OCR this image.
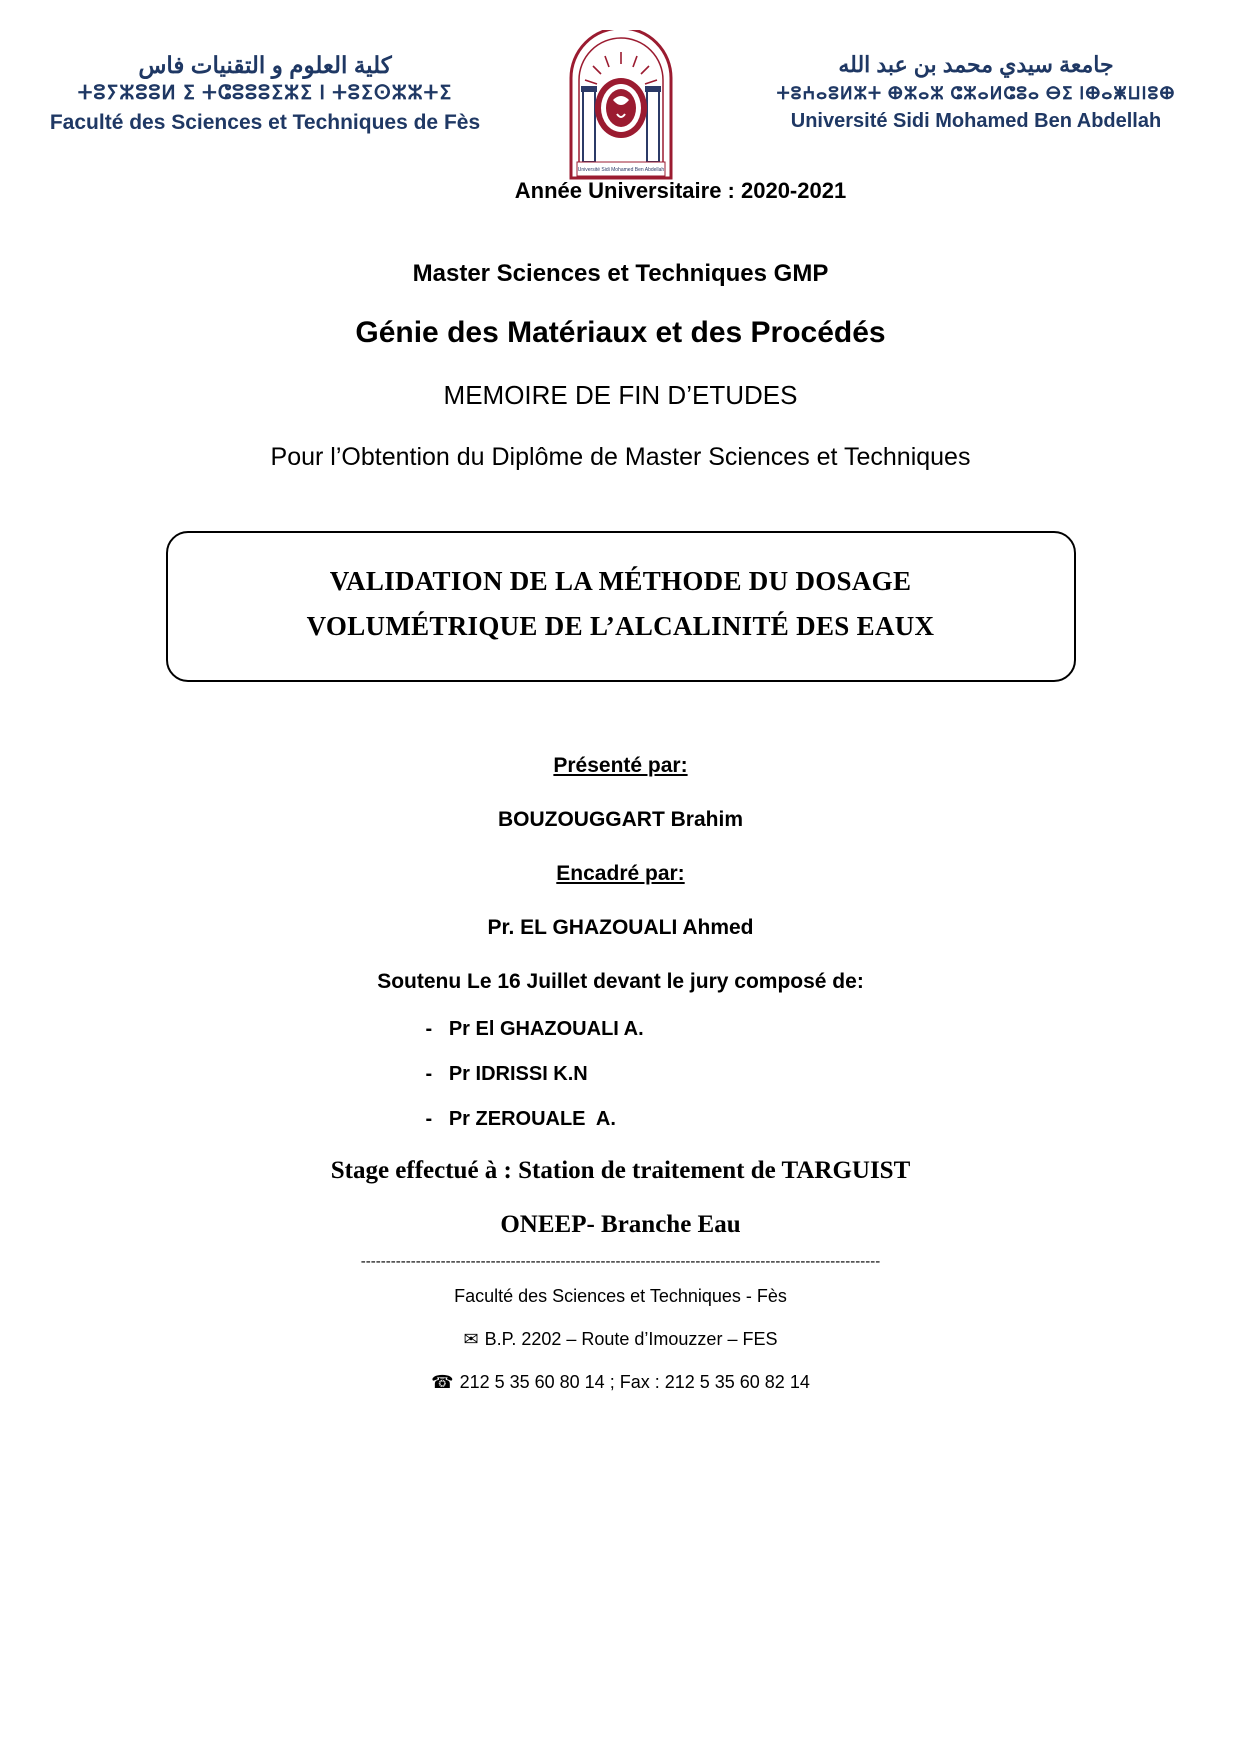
كلية العلوم و التقنيات فاس
ⵜⵓⵢⵣⵓⵓⵍ ⵉ ⵜⵛⵓⵓⵓⵉⵣⵉ ⵏ ⵜⵓⵉⵙⵣⵣⵜⵉ
Faculté des Sciences et Techniques de Fès
Université Sidi Mohamed Ben Abdellah
جامعة سيدي محمد بن عبد الله
ⵜⵓⵄⴰⵓⵍⵣⵜ ⴲⵣⴰⵣ ⵛⵣⴰⵍⵛⵓⴰ ⴱⵉ ⵏⴲⴰⵥⵡⵏⵓⴲ
Université Sidi Mohamed Ben Abdellah
Année Universitaire : 2020-2021
Master Sciences et Techniques GMP
Génie des Matériaux et des Procédés
MEMOIRE DE FIN D’ETUDES
Pour l’Obtention du Diplôme de Master Sciences et Techniques
VALIDATION DE LA MÉTHODE DU DOSAGE
VOLUMÉTRIQUE DE L’ALCALINITÉ DES EAUX
Présenté par:
BOUZOUGGART Brahim
Encadré par:
Pr. EL GHAZOUALI Ahmed
Soutenu Le 16 Juillet devant le jury composé de:
-   Pr El GHAZOUALI A.
-   Pr IDRISSI K.N
-   Pr ZEROUALE  A.
Stage effectué à : Station de traitement de TARGUIST
ONEEP- Branche Eau
--------------------------------------------------------------------------------------------------------
Faculté des Sciences et Techniques - Fès
✉ B.P. 2202 – Route d’Imouzzer – FES
☎ 212 5 35 60 80 14 ; Fax : 212 5 35 60 82 14
